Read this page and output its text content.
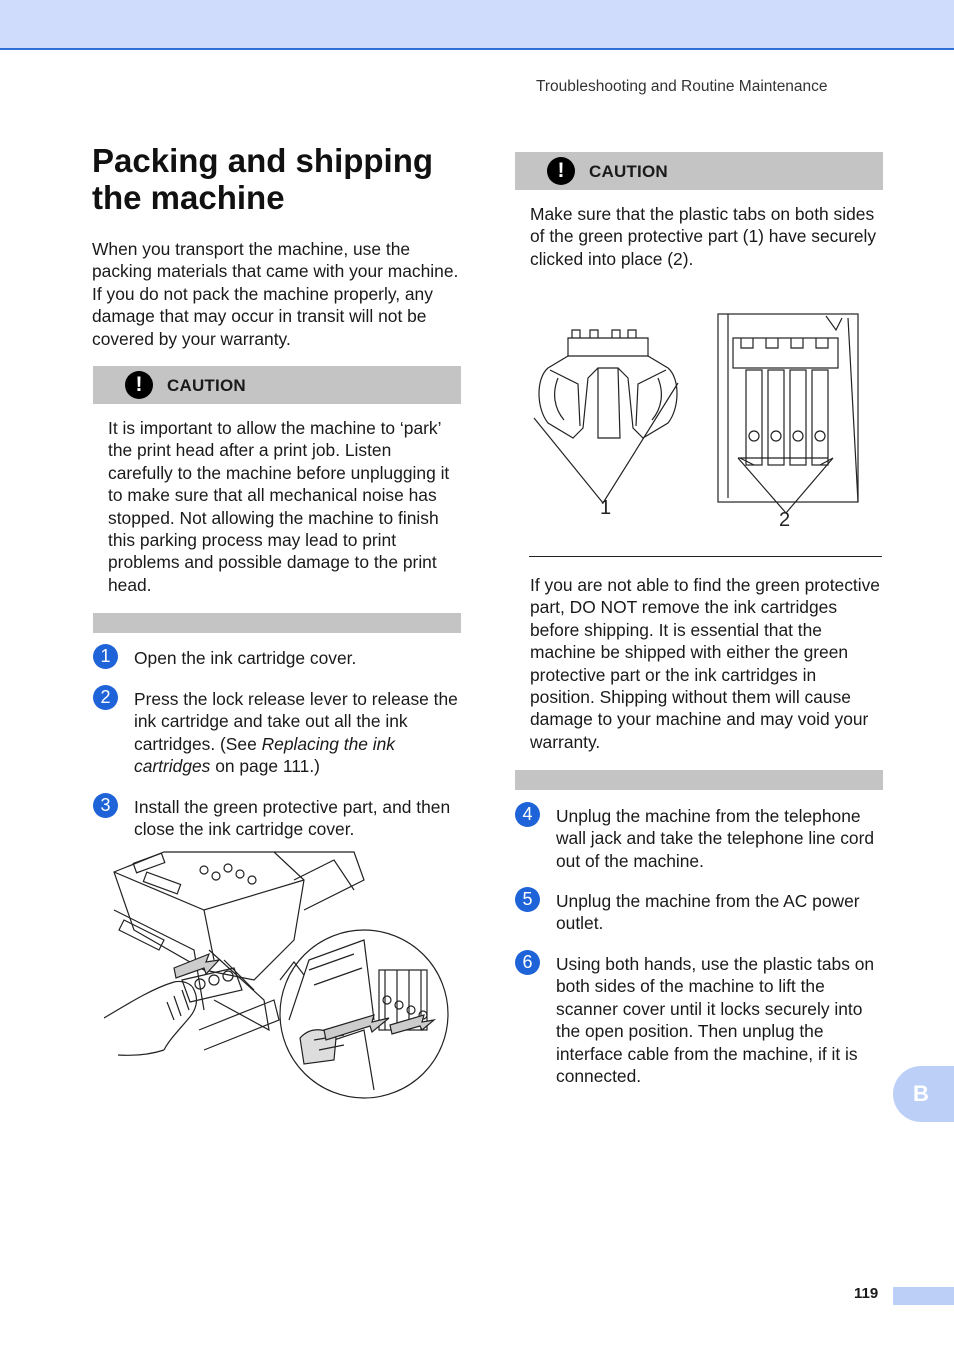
Troubleshooting and Routine Maintenance
Packing and shipping the machine

When you transport the machine, use the packing materials that came with your machine. If you do not pack the machine properly, any damage that may occur in transit will not be covered by your warranty.

!	CAUTION

It is important to allow the machine to ‘park’ the print head after a print job. Listen carefully to the machine before unplugging it to make sure that all mechanical noise has stopped. Not allowing the machine to finish this parking process may lead to print problems and possible damage to the print head.

1	Open the ink cartridge cover.

2	Press the lock release lever to release the ink cartridge and take out all the ink cartridges. (See Replacing the ink cartridges on page 111.)

3	Install the green protective part, and then close the ink cartridge cover.

!	CAUTION

Make sure that the plastic tabs on both sides of the green protective part (1) have securely clicked into place (2).

1
2

If you are not able to find the green protective part, DO NOT remove the ink cartridges before shipping. It is essential that the machine be shipped with either the green protective part or the ink cartridges in position. Shipping without them will cause damage to your machine and may void your warranty.

4	Unplug the machine from the telephone wall jack and take the telephone line cord out of the machine.

5	Unplug the machine from the AC power outlet.

6	Using both hands, use the plastic tabs on both sides of the machine to lift the scanner cover until it locks securely into the open position. Then unplug the interface cable from the machine, if it is connected.

B
119
